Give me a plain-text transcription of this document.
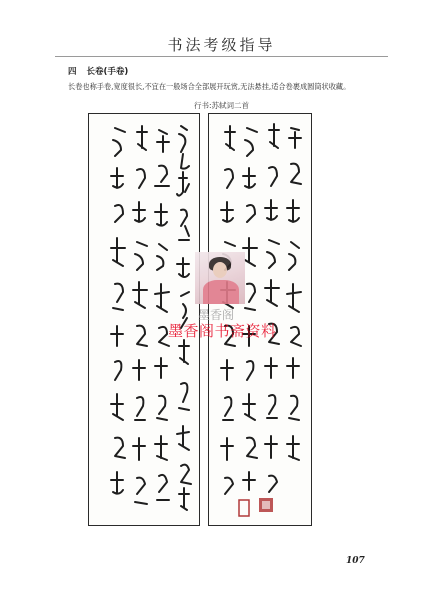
书法考级指导
四 长卷(手卷)
长卷也称手卷,宽度很长,不宜在一般场合全部展开玩赏,无法悬挂,适合卷裹成圆筒状收藏。
行书:苏轼词二首
墨香阁
墨香阁书斋资料
107
